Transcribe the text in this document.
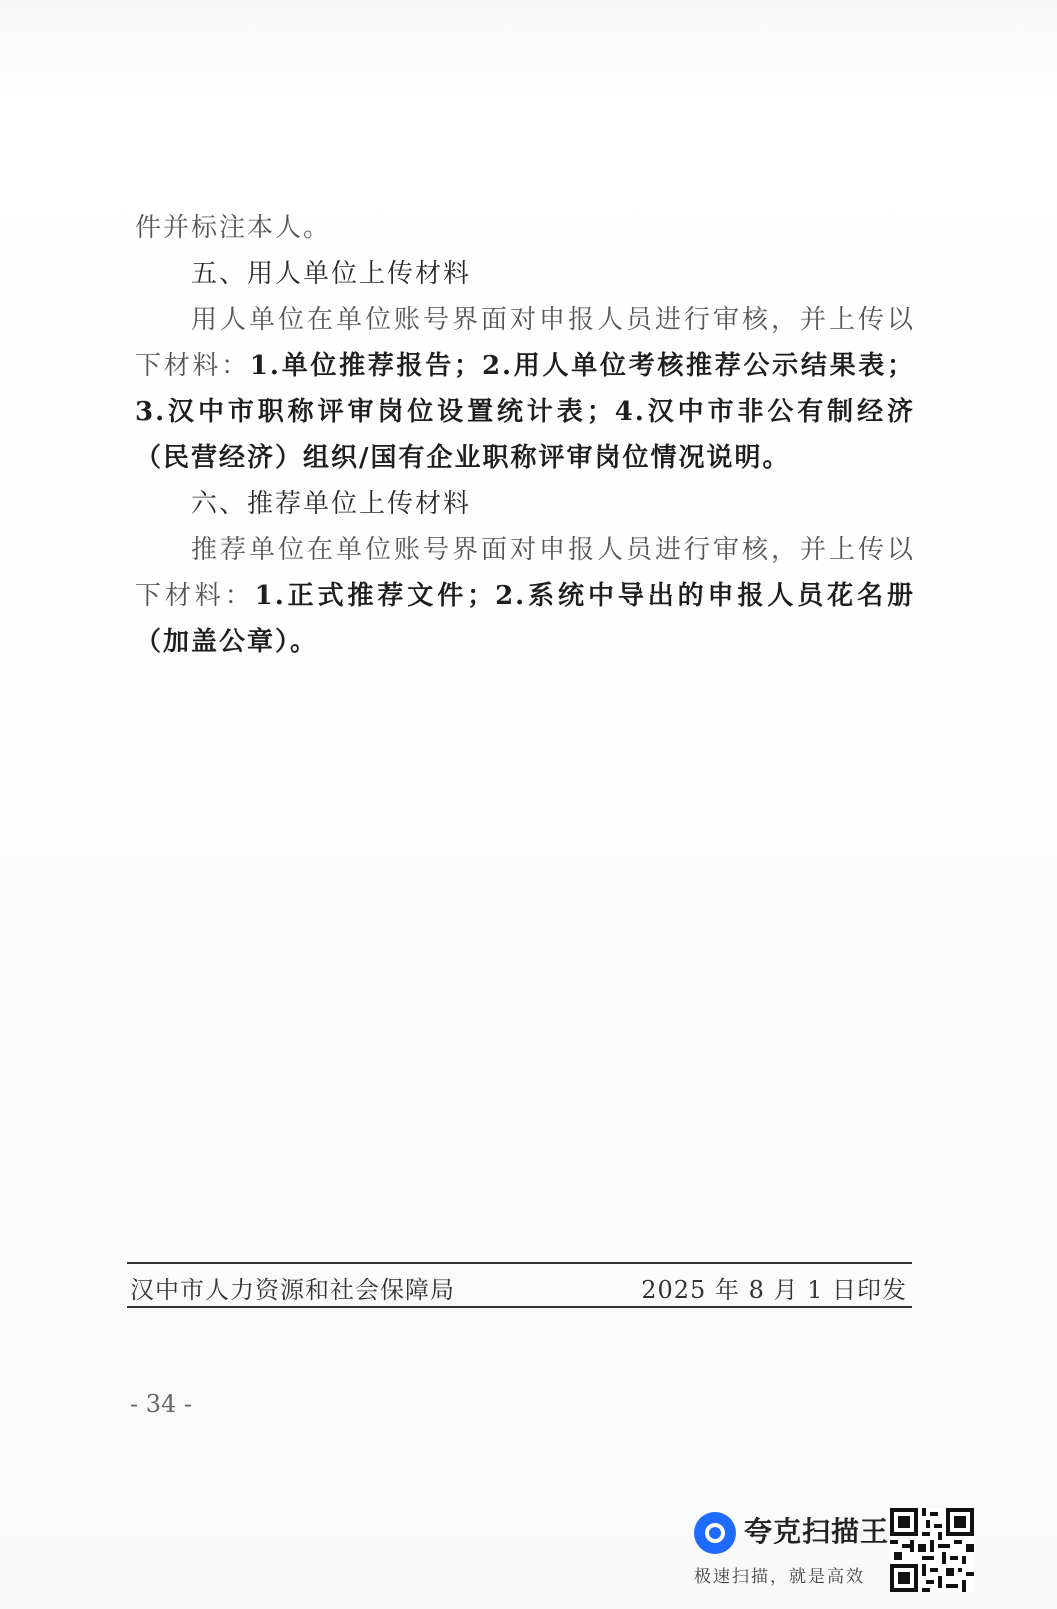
件并标注本人。

五、用人单位上传材料

用人单位在单位账号界面对申报人员进行审核，并上传以下材料：1.单位推荐报告；2.用人单位考核推荐公示结果表；3.汉中市职称评审岗位设置统计表；4.汉中市非公有制经济（民营经济）组织/国有企业职称评审岗位情况说明。

六、推荐单位上传材料

推荐单位在单位账号界面对申报人员进行审核，并上传以下材料：1.正式推荐文件；2.系统中导出的申报人员花名册（加盖公章）。

汉中市人力资源和社会保障局	2025 年 8 月 1 日印发
- 34 -
夸克扫描王
极速扫描，就是高效
